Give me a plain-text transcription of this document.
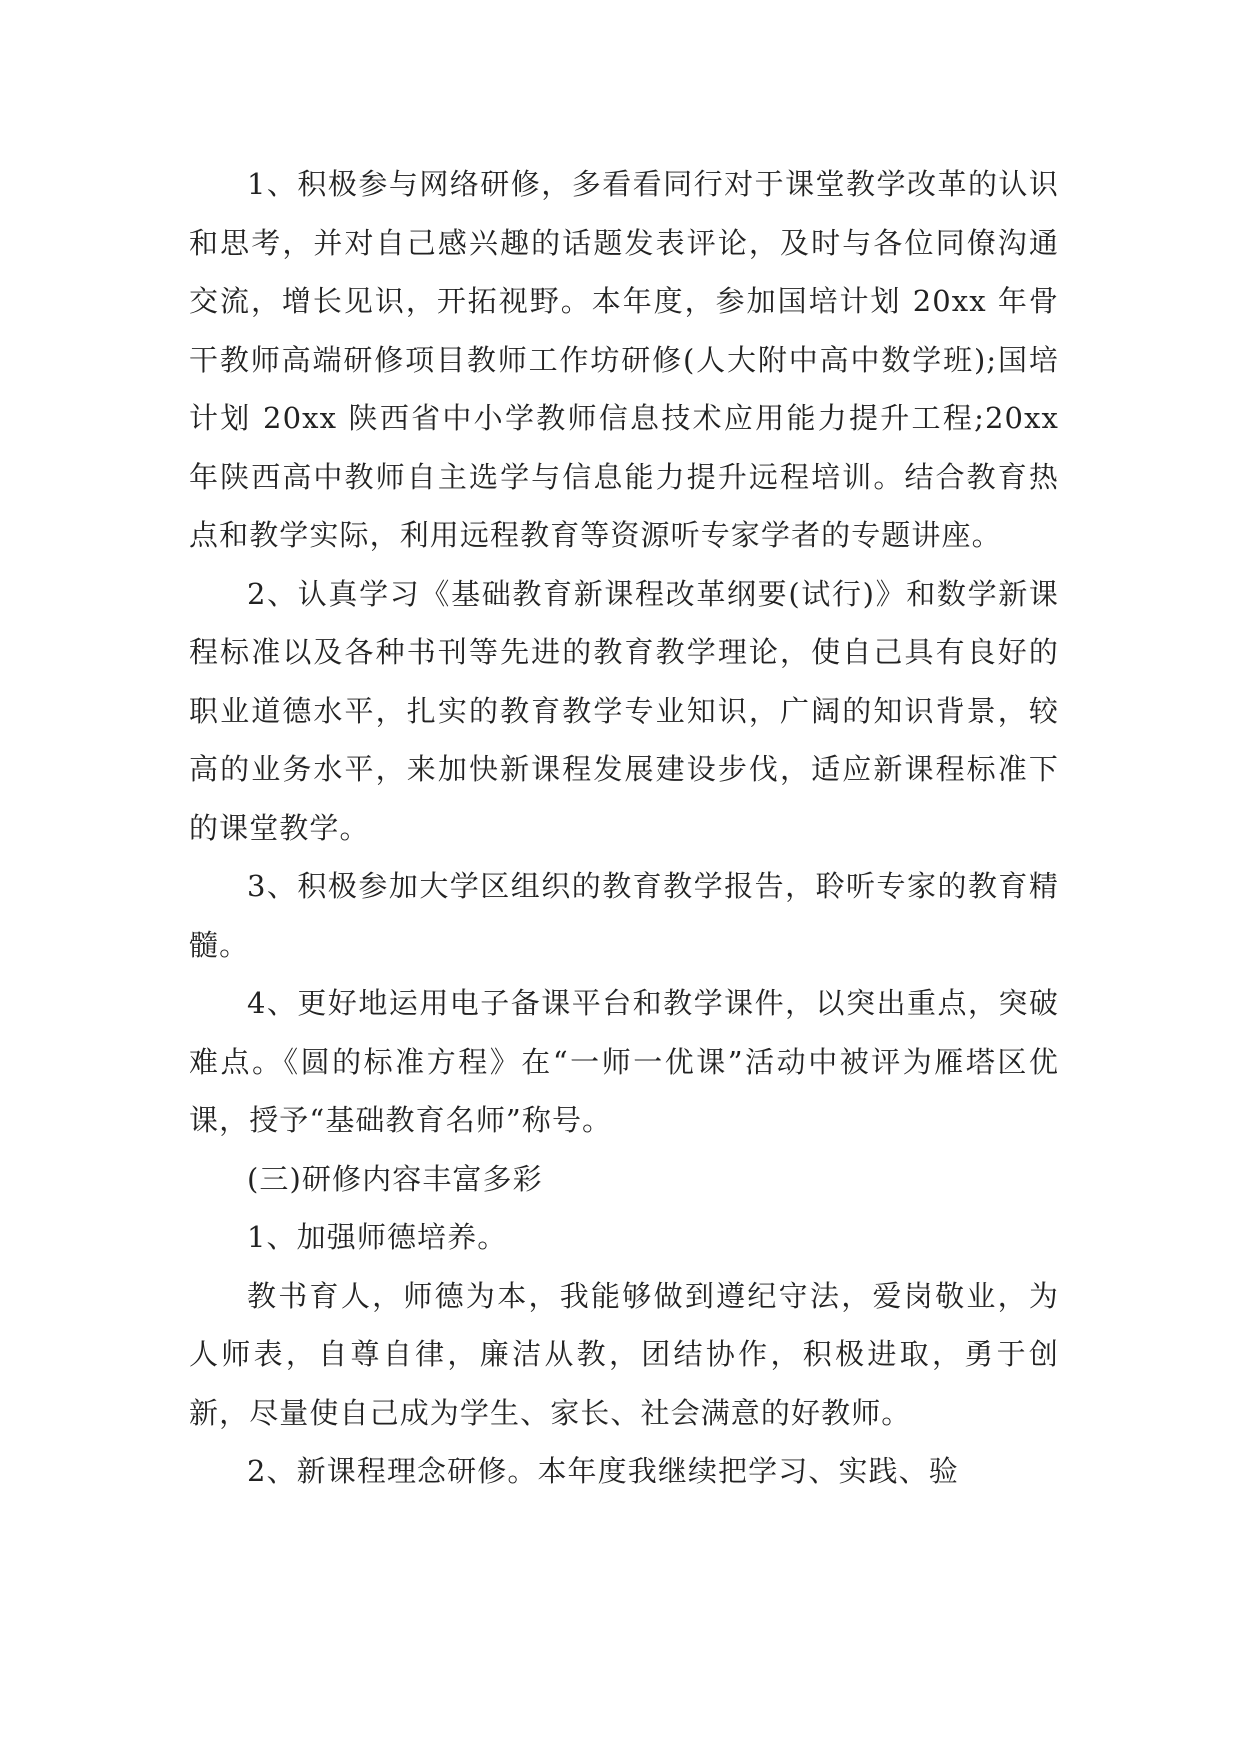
1、积极参与网络研修，多看看同行对于课堂教学改革的认识和思考，并对自己感兴趣的话题发表评论，及时与各位同僚沟通交流，增长见识，开拓视野。本年度，参加国培计划 20xx 年骨干教师高端研修项目教师工作坊研修(人大附中高中数学班);国培计划 20xx 陕西省中小学教师信息技术应用能力提升工程;20xx 年陕西高中教师自主选学与信息能力提升远程培训。结合教育热点和教学实际，利用远程教育等资源听专家学者的专题讲座。

2、认真学习《基础教育新课程改革纲要(试行)》和数学新课程标准以及各种书刊等先进的教育教学理论，使自己具有良好的职业道德水平，扎实的教育教学专业知识，广阔的知识背景，较高的业务水平，来加快新课程发展建设步伐，适应新课程标准下的课堂教学。

3、积极参加大学区组织的教育教学报告，聆听专家的教育精髓。

4、更好地运用电子备课平台和教学课件，以突出重点，突破难点。《圆的标准方程》在“一师一优课”活动中被评为雁塔区优课，授予“基础教育名师”称号。

(三)研修内容丰富多彩

1、加强师德培养。

教书育人，师德为本，我能够做到遵纪守法，爱岗敬业，为人师表，自尊自律，廉洁从教，团结协作，积极进取，勇于创新，尽量使自己成为学生、家长、社会满意的好教师。

2、新课程理念研修。本年度我继续把学习、实践、验
